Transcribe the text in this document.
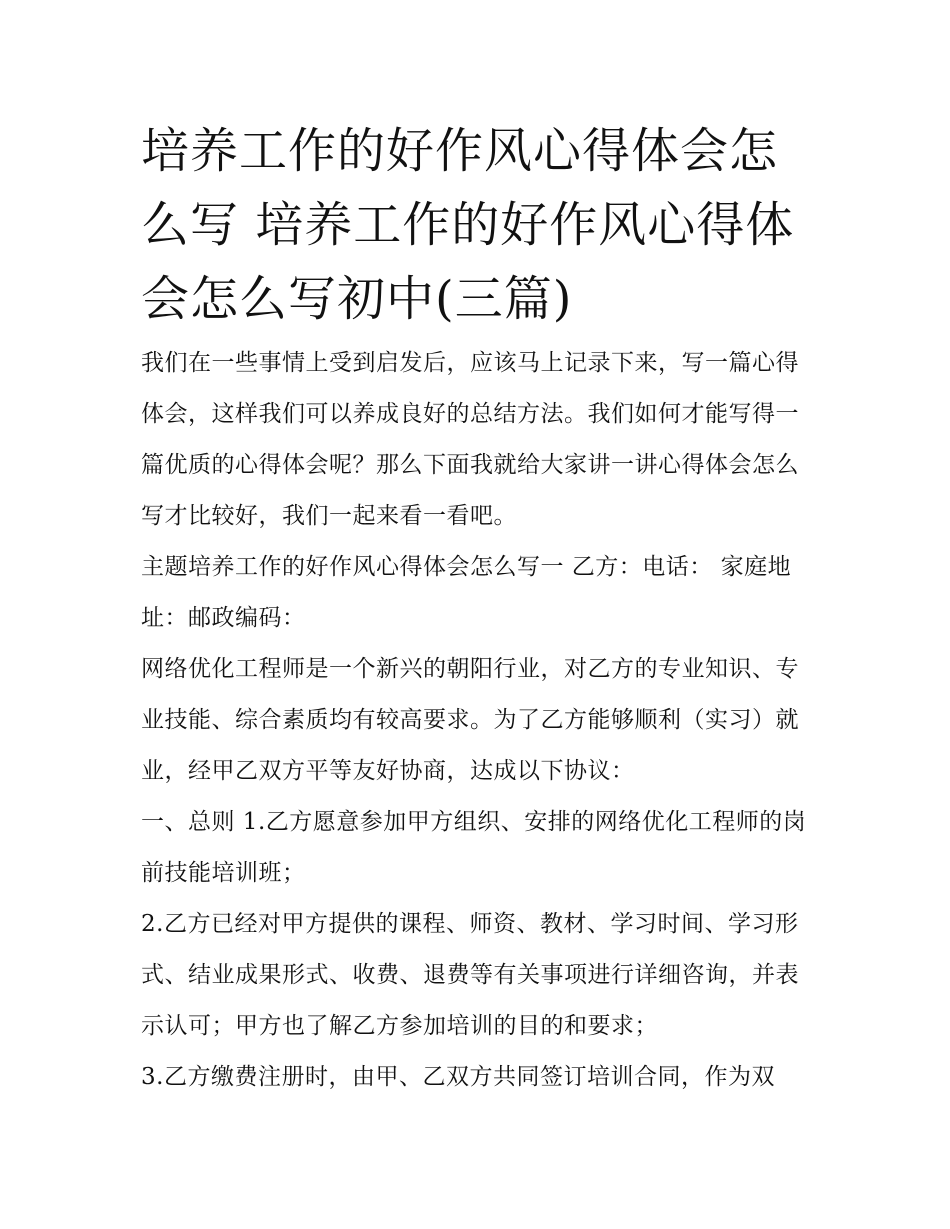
培养工作的好作风心得体会怎么写 培养工作的好作风心得体会怎么写初中(三篇)

我们在一些事情上受到启发后，应该马上记录下来，写一篇心得体会，这样我们可以养成良好的总结方法。我们如何才能写得一篇优质的心得体会呢？那么下面我就给大家讲一讲心得体会怎么写才比较好，我们一起来看一看吧。

主题培养工作的好作风心得体会怎么写一 乙方：电话： 家庭地址：邮政编码：

网络优化工程师是一个新兴的朝阳行业，对乙方的专业知识、专业技能、综合素质均有较高要求。为了乙方能够顺利（实习）就业，经甲乙双方平等友好协商，达成以下协议：

一、总则 1.乙方愿意参加甲方组织、安排的网络优化工程师的岗前技能培训班；

2.乙方已经对甲方提供的课程、师资、教材、学习时间、学习形式、结业成果形式、收费、退费等有关事项进行详细咨询，并表示认可；甲方也了解乙方参加培训的目的和要求；

3.乙方缴费注册时，由甲、乙双方共同签订培训合同，作为双
